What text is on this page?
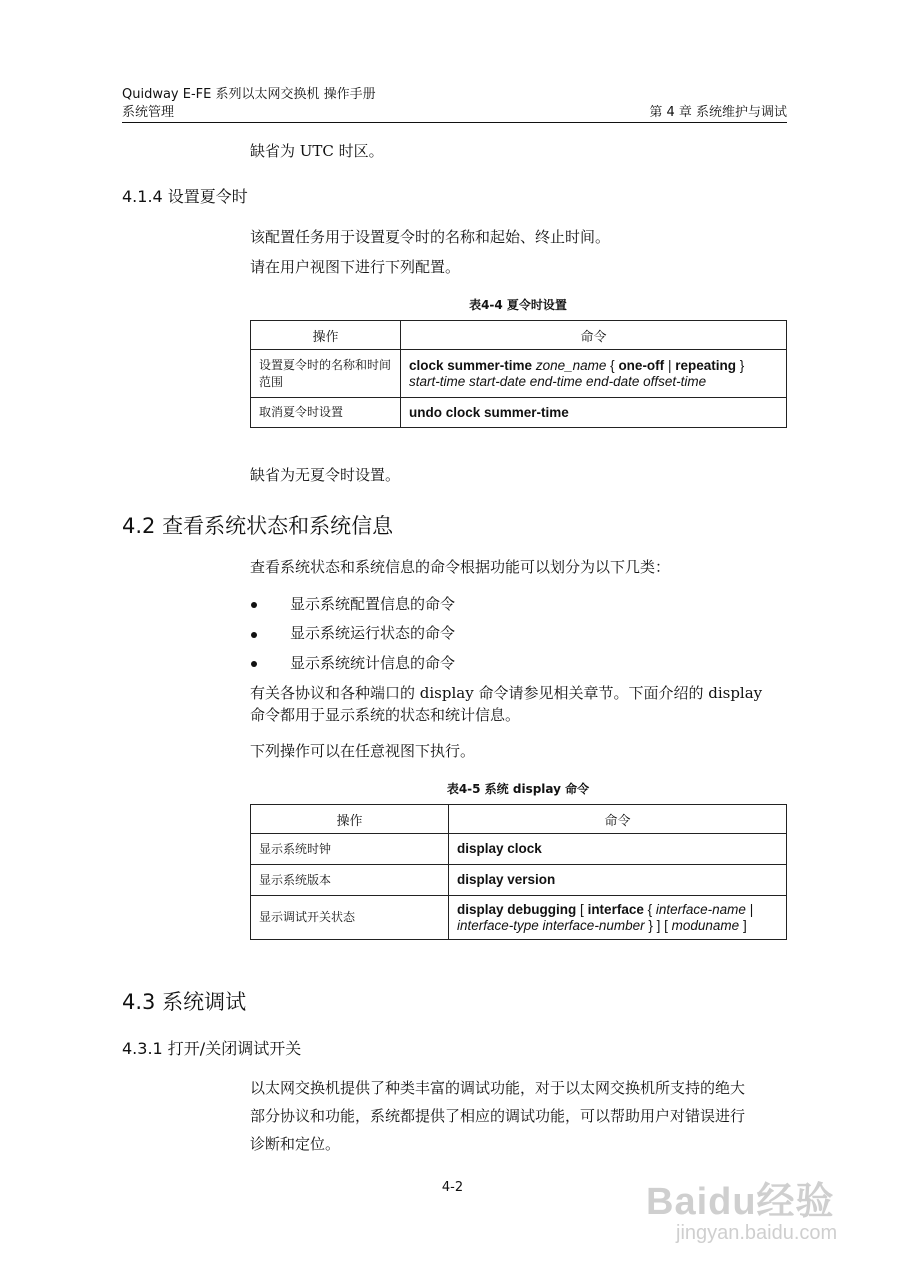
Quidway E-FE 系列以太网交换机 操作手册
系统管理	第 4 章 系统维护与调试
缺省为 UTC 时区。
4.1.4 设置夏令时
该配置任务用于设置夏令时的名称和起始、终止时间。
请在用户视图下进行下列配置。
表4-4 夏令时设置
操作	命令
设置夏令时的名称和时间范围	clock summer-time zone_name { one-off | repeating }
start-time start-date end-time end-date offset-time
取消夏令时设置	undo clock summer-time
缺省为无夏令时设置。
4.2 查看系统状态和系统信息
查看系统状态和系统信息的命令根据功能可以划分为以下几类：
显示系统配置信息的命令
显示系统运行状态的命令
显示系统统计信息的命令
有关各协议和各种端口的 display 命令请参见相关章节。下面介绍的 display
命令都用于显示系统的状态和统计信息。
下列操作可以在任意视图下执行。
表4-5 系统 display 命令
操作	命令
显示系统时钟	display clock
显示系统版本	display version
显示调试开关状态	display debugging [ interface { interface-name |
interface-type interface-number } ] [ moduname ]
4.3 系统调试
4.3.1 打开/关闭调试开关
以太网交换机提供了种类丰富的调试功能，对于以太网交换机所支持的绝大
部分协议和功能，系统都提供了相应的调试功能，可以帮助用户对错误进行
诊断和定位。
4-2	Baidu经验
jingyan.baidu.com
